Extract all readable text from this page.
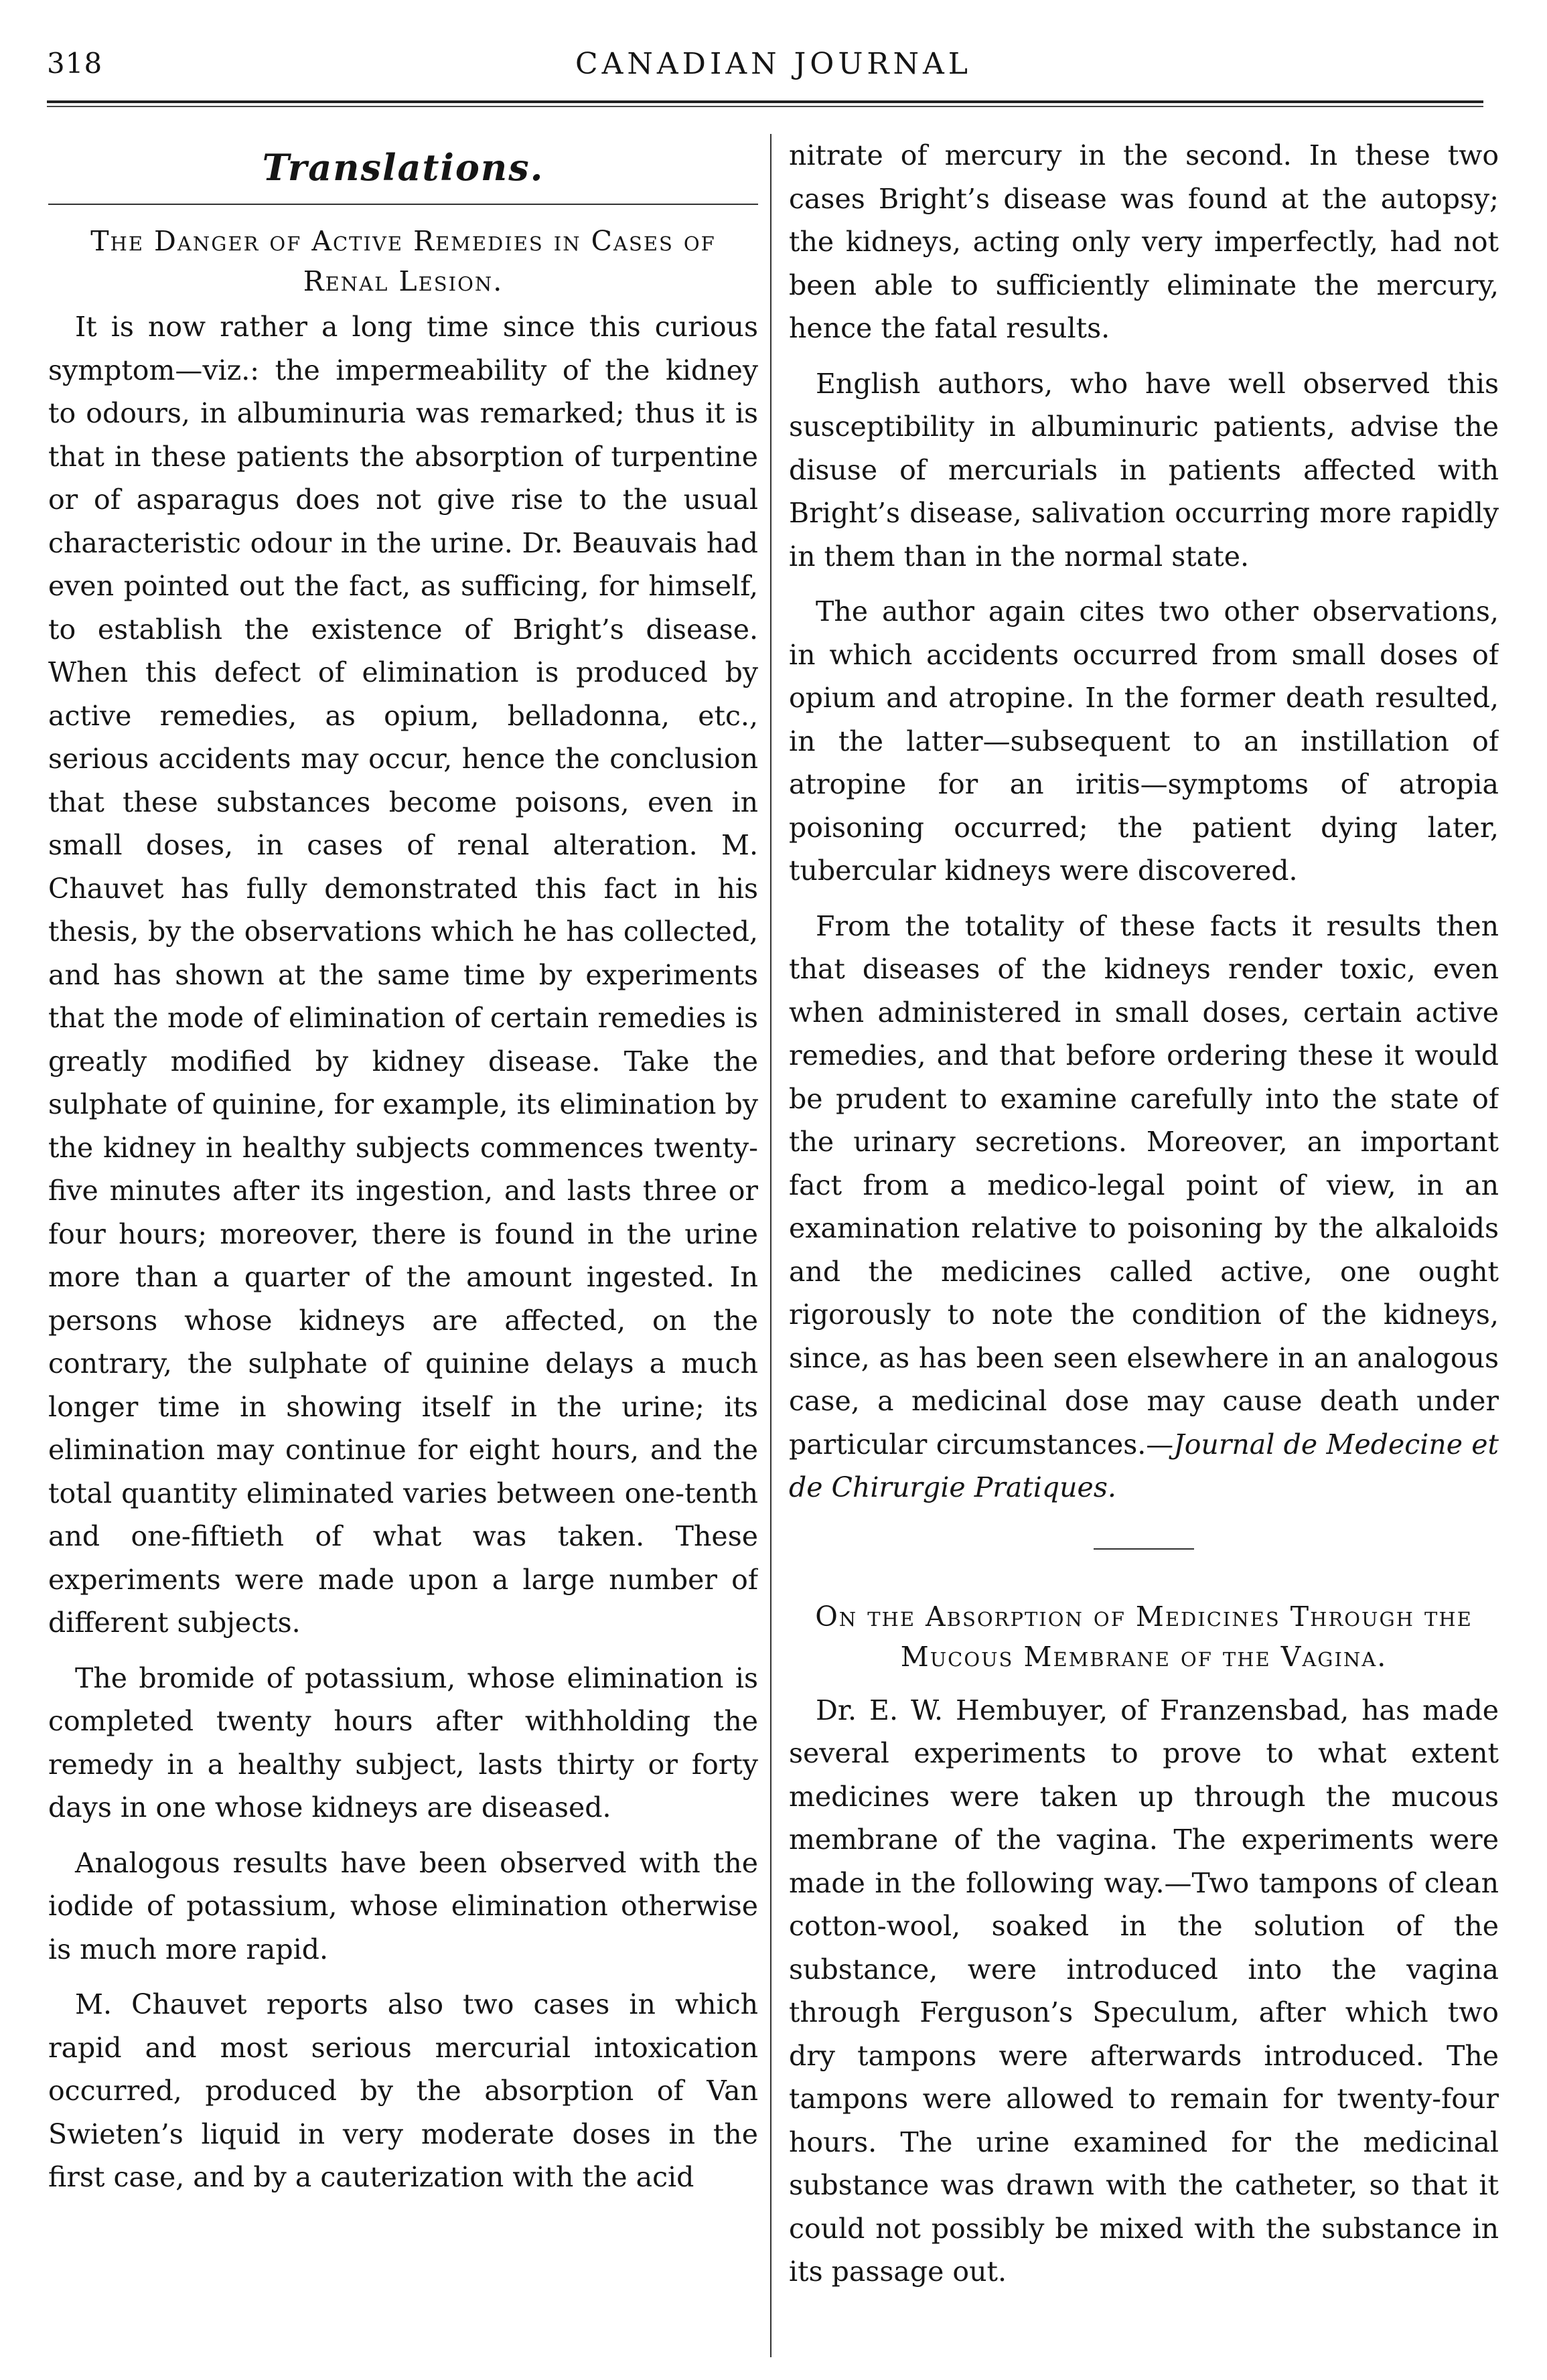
318	CANADIAN JOURNAL
Translations.
The Danger of Active Remedies in Cases of Renal Lesion.

It is now rather a long time since this curious symptom—viz.: the impermeability of the kidney to odours, in albuminuria was remarked; thus it is that in these patients the absorption of turpentine or of asparagus does not give rise to the usual characteristic odour in the urine. Dr. Beauvais had even pointed out the fact, as sufficing, for himself, to establish the existence of Bright’s disease. When this defect of elimination is produced by active remedies, as opium, belladonna, etc., serious accidents may occur, hence the conclusion that these substances become poisons, even in small doses, in cases of renal alteration. M. Chauvet has fully demonstrated this fact in his thesis, by the observations which he has collected, and has shown at the same time by experiments that the mode of elimination of certain remedies is greatly modified by kidney disease. Take the sulphate of quinine, for example, its elimination by the kidney in healthy subjects commences twenty-five minutes after its ingestion, and lasts three or four hours; moreover, there is found in the urine more than a quarter of the amount ingested. In persons whose kidneys are affected, on the contrary, the sulphate of quinine delays a much longer time in showing itself in the urine; its elimination may continue for eight hours, and the total quantity eliminated varies between one-tenth and one-fiftieth of what was taken. These experiments were made upon a large number of different subjects.

The bromide of potassium, whose elimination is completed twenty hours after withholding the remedy in a healthy subject, lasts thirty or forty days in one whose kidneys are diseased.

Analogous results have been observed with the iodide of potassium, whose elimination otherwise is much more rapid.

M. Chauvet reports also two cases in which rapid and most serious mercurial intoxication occurred, produced by the absorption of Van Swieten’s liquid in very moderate doses in the first case, and by a cauterization with the acid

nitrate of mercury in the second. In these two cases Bright’s disease was found at the autopsy; the kidneys, acting only very imperfectly, had not been able to sufficiently eliminate the mercury, hence the fatal results.

English authors, who have well observed this susceptibility in albuminuric patients, advise the disuse of mercurials in patients affected with Bright’s disease, salivation occurring more rapidly in them than in the normal state.

The author again cites two other observations, in which accidents occurred from small doses of opium and atropine. In the former death resulted, in the latter—subsequent to an instillation of atropine for an iritis—symptoms of atropia poisoning occurred; the patient dying later, tubercular kidneys were discovered.

From the totality of these facts it results then that diseases of the kidneys render toxic, even when administered in small doses, certain active remedies, and that before ordering these it would be prudent to examine carefully into the state of the urinary secretions. Moreover, an important fact from a medico-legal point of view, in an examination relative to poisoning by the alkaloids and the medicines called active, one ought rigorously to note the condition of the kidneys, since, as has been seen elsewhere in an analogous case, a medicinal dose may cause death under particular circumstances.—Journal de Medecine et de Chirurgie Pratiques.

On the Absorption of Medicines Through the Mucous Membrane of the Vagina.

Dr. E. W. Hembuyer, of Franzensbad, has made several experiments to prove to what extent medicines were taken up through the mucous membrane of the vagina. The experiments were made in the following way.—Two tampons of clean cotton-wool, soaked in the solution of the substance, were introduced into the vagina through Ferguson’s Speculum, after which two dry tampons were afterwards introduced. The tampons were allowed to remain for twenty-four hours. The urine examined for the medicinal substance was drawn with the catheter, so that it could not possibly be mixed with the substance in its passage out.
